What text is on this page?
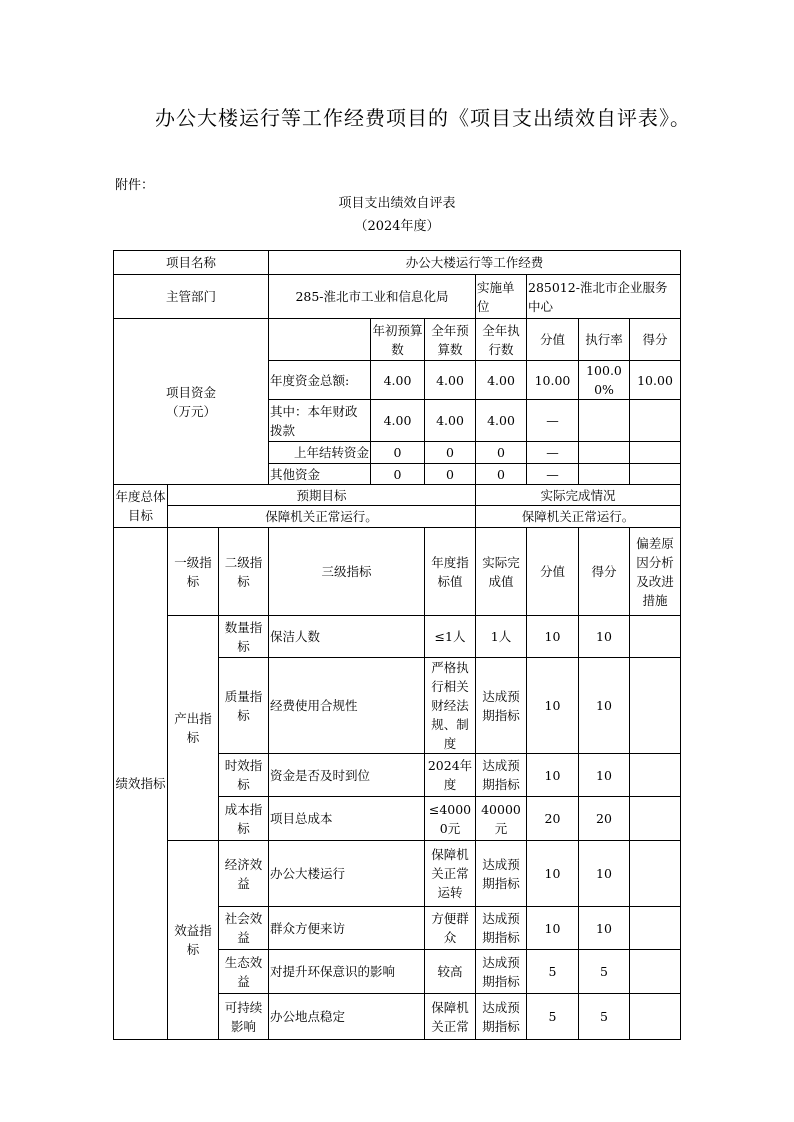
办公大楼运行等工作经费项目的《项目支出绩效自评表》。
附件：
项目支出绩效自评表
（2024年度）
项目名称			办公大楼运行等工作经费						
主管部门			285-淮北市工业和信息化局			实施单位	285012-淮北市企业服务中心		

项目资金
（万元）				年初预算数	全年预算数	全年执行数	分值	执行率	得分
			年度资金总额:	4.00	4.00	4.00	10.00	100.00%	10.00
			其中：本年财政拨款	4.00	4.00	4.00	—		
			上年结转资金	0	0	0	—		
			其他资金	0	0	0	—		
年度总体目标	预期目标					实际完成情况			
	保障机关正常运行。					保障机关正常运行。			
绩效指标	一级指标	二级指标	三级指标		年度指标值	实际完成值	分值	得分	偏差原因分析及改进措施
	产出指标	数量指标	保洁人数		≤1人	1人	10	10	
		质量指标	经费使用合规性		严格执行相关财经法规、制度	达成预期指标	10	10	
		时效指标	资金是否及时到位		2024年度	达成预期指标	10	10	
		成本指标	项目总成本		≤40000元	40000元	20	20	
	效益指标	经济效益	办公大楼运行		保障机关正常运转	达成预期指标	10	10	
		社会效益	群众方便来访		方便群众	达成预期指标	10	10	
		生态效益	对提升环保意识的影响		较高	达成预期指标	5	5	
		可持续影响	办公地点稳定		保障机关正常	达成预期指标	5	5	
